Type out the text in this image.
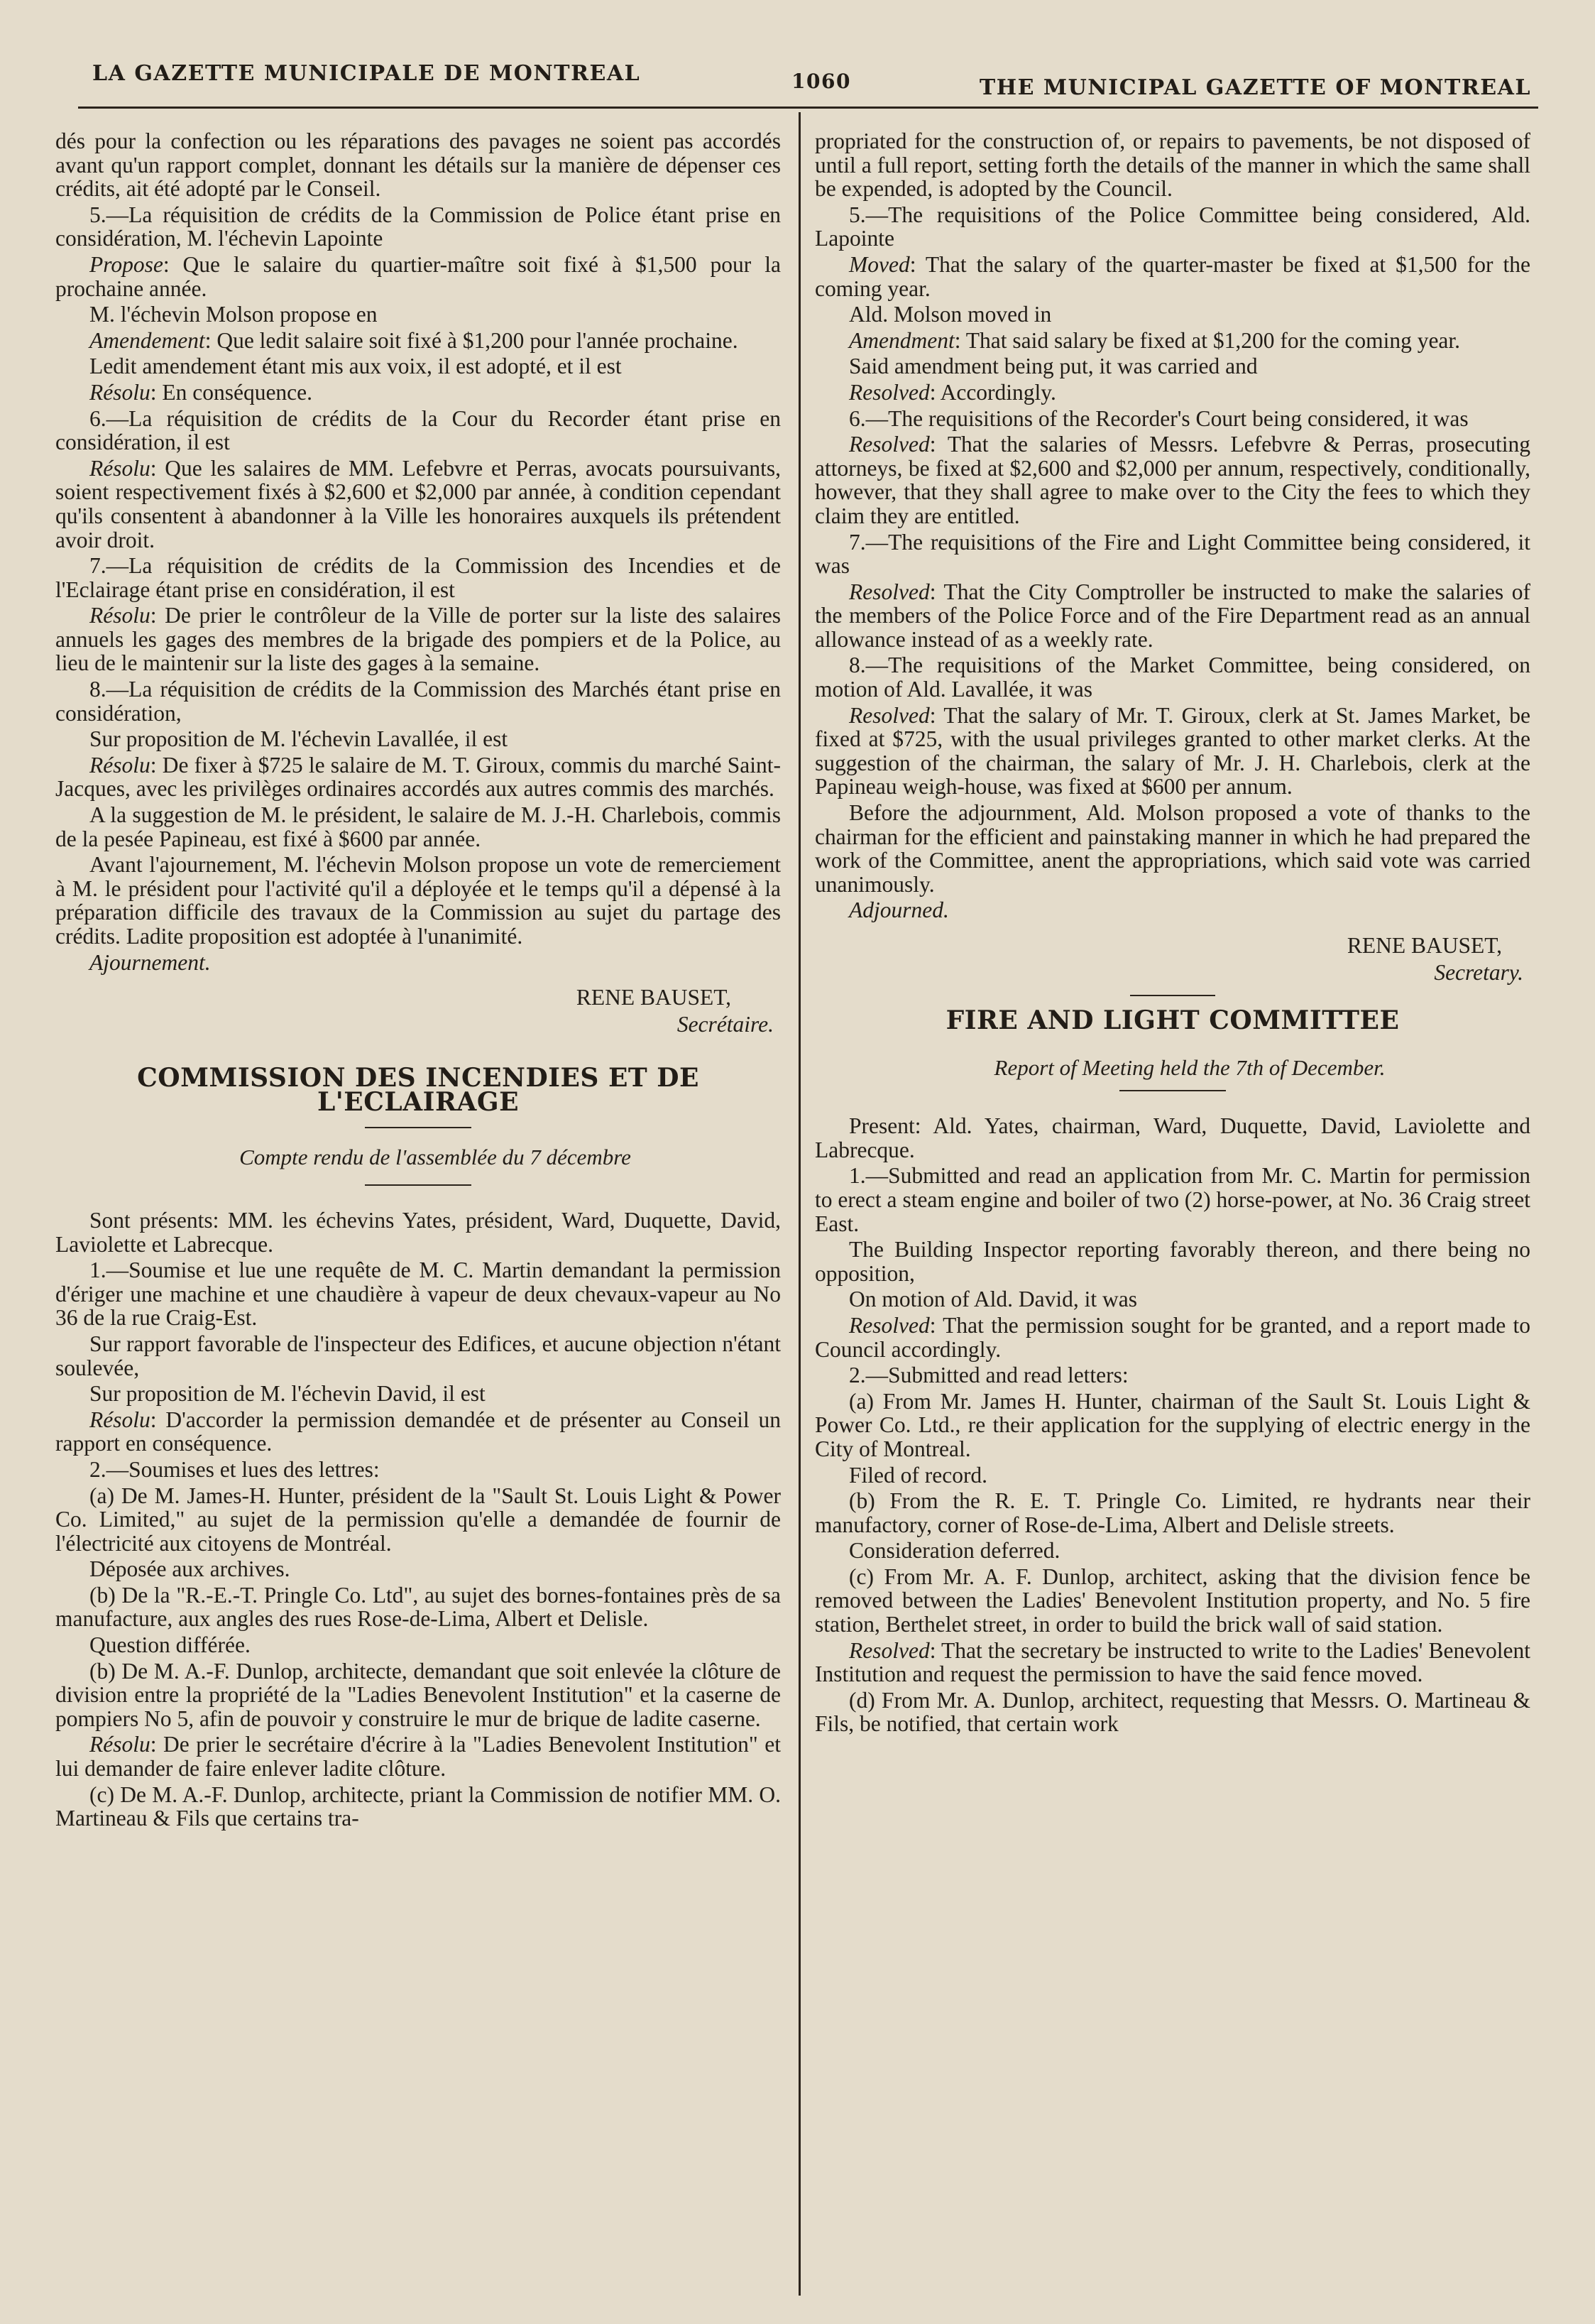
LA GAZETTE MUNICIPALE DE MONTREAL	1060	THE MUNICIPAL GAZETTE OF MONTREAL

dés pour la confection ou les réparations des pavages ne soient pas accordés avant qu'un rapport complet, donnant les détails sur la manière de dépenser ces crédits, ait été adopté par le Conseil.

5.—La réquisition de crédits de la Commission de Police étant prise en considération, M. l'échevin Lapointe

Propose: Que le salaire du quartier-maître soit fixé à $1,500 pour la prochaine année.

M. l'échevin Molson propose en

Amendement: Que ledit salaire soit fixé à $1,200 pour l'année prochaine.

Ledit amendement étant mis aux voix, il est adopté, et il est

Résolu: En conséquence.

6.—La réquisition de crédits de la Cour du Recorder étant prise en considération, il est

Résolu: Que les salaires de MM. Lefebvre et Perras, avocats poursuivants, soient respectivement fixés à $2,600 et $2,000 par année, à condition cependant qu'ils consentent à abandonner à la Ville les honoraires auxquels ils prétendent avoir droit.

7.—La réquisition de crédits de la Commission des Incendies et de l'Eclairage étant prise en considération, il est

Résolu: De prier le contrôleur de la Ville de porter sur la liste des salaires annuels les gages des membres de la brigade des pompiers et de la Police, au lieu de le maintenir sur la liste des gages à la semaine.

8.—La réquisition de crédits de la Commission des Marchés étant prise en considération,

Sur proposition de M. l'échevin Lavallée, il est

Résolu: De fixer à $725 le salaire de M. T. Giroux, commis du marché Saint-Jacques, avec les privilèges ordinaires accordés aux autres commis des marchés.

A la suggestion de M. le président, le salaire de M. J.-H. Charlebois, commis de la pesée Papineau, est fixé à $600 par année.

Avant l'ajournement, M. l'échevin Molson propose un vote de remerciement à M. le président pour l'activité qu'il a déployée et le temps qu'il a dépensé à la préparation difficile des travaux de la Commission au sujet du partage des crédits. Ladite proposition est adoptée à l'unanimité.

Ajournement.

RENE BAUSET,
Secrétaire.
COMMISSION DES INCENDIES ET DE L'ECLAIRAGE

Compte rendu de l'assemblée du 7 décembre

Sont présents: MM. les échevins Yates, président, Ward, Duquette, David, Laviolette et Labrecque.

1.—Soumise et lue une requête de M. C. Martin demandant la permission d'ériger une machine et une chaudière à vapeur de deux chevaux-vapeur au No 36 de la rue Craig-Est.

Sur rapport favorable de l'inspecteur des Edifices, et aucune objection n'étant soulevée,

Sur proposition de M. l'échevin David, il est

Résolu: D'accorder la permission demandée et de présenter au Conseil un rapport en conséquence.

2.—Soumises et lues des lettres:

(a) De M. James-H. Hunter, président de la "Sault St. Louis Light & Power Co. Limited," au sujet de la permission qu'elle a demandée de fournir de l'électricité aux citoyens de Montréal.

Déposée aux archives.

(b) De la "R.-E.-T. Pringle Co. Ltd", au sujet des bornes-fontaines près de sa manufacture, aux angles des rues Rose-de-Lima, Albert et Delisle.

Question différée.

(b) De M. A.-F. Dunlop, architecte, demandant que soit enlevée la clôture de division entre la propriété de la "Ladies Benevolent Institution" et la caserne de pompiers No 5, afin de pouvoir y construire le mur de brique de ladite caserne.

Résolu: De prier le secrétaire d'écrire à la "Ladies Benevolent Institution" et lui demander de faire enlever ladite clôture.

(c) De M. A.-F. Dunlop, architecte, priant la Commission de notifier MM. O. Martineau & Fils que certains tra-

propriated for the construction of, or repairs to pavements, be not disposed of until a full report, setting forth the details of the manner in which the same shall be expended, is adopted by the Council.

5.—The requisitions of the Police Committee being considered, Ald. Lapointe

Moved: That the salary of the quarter-master be fixed at $1,500 for the coming year.

Ald. Molson moved in

Amendment: That said salary be fixed at $1,200 for the coming year.

Said amendment being put, it was carried and

Resolved: Accordingly.

6.—The requisitions of the Recorder's Court being considered, it was

Resolved: That the salaries of Messrs. Lefebvre & Perras, prosecuting attorneys, be fixed at $2,600 and $2,000 per annum, respectively, conditionally, however, that they shall agree to make over to the City the fees to which they claim they are entitled.

7.—The requisitions of the Fire and Light Committee being considered, it was

Resolved: That the City Comptroller be instructed to make the salaries of the members of the Police Force and of the Fire Department read as an annual allowance instead of as a weekly rate.

8.—The requisitions of the Market Committee, being considered, on motion of Ald. Lavallée, it was

Resolved: That the salary of Mr. T. Giroux, clerk at St. James Market, be fixed at $725, with the usual privileges granted to other market clerks. At the suggestion of the chairman, the salary of Mr. J. H. Charlebois, clerk at the Papineau weigh-house, was fixed at $600 per annum.

Before the adjournment, Ald. Molson proposed a vote of thanks to the chairman for the efficient and painstaking manner in which he had prepared the work of the Committee, anent the appropriations, which said vote was carried unanimously.

Adjourned.

RENE BAUSET,
Secretary.
FIRE AND LIGHT COMMITTEE

Report of Meeting held the 7th of December.

Present: Ald. Yates, chairman, Ward, Duquette, David, Laviolette and Labrecque.

1.—Submitted and read an application from Mr. C. Martin for permission to erect a steam engine and boiler of two (2) horse-power, at No. 36 Craig street East.

The Building Inspector reporting favorably thereon, and there being no opposition,

On motion of Ald. David, it was

Resolved: That the permission sought for be granted, and a report made to Council accordingly.

2.—Submitted and read letters:

(a) From Mr. James H. Hunter, chairman of the Sault St. Louis Light & Power Co. Ltd., re their application for the supplying of electric energy in the City of Montreal.

Filed of record.

(b) From the R. E. T. Pringle Co. Limited, re hydrants near their manufactory, corner of Rose-de-Lima, Albert and Delisle streets.

Consideration deferred.

(c) From Mr. A. F. Dunlop, architect, asking that the division fence be removed between the Ladies' Benevolent Institution property, and No. 5 fire station, Berthelet street, in order to build the brick wall of said station.

Resolved: That the secretary be instructed to write to the Ladies' Benevolent Institution and request the permission to have the said fence moved.

(d) From Mr. A. Dunlop, architect, requesting that Messrs. O. Martineau & Fils, be notified, that certain work
